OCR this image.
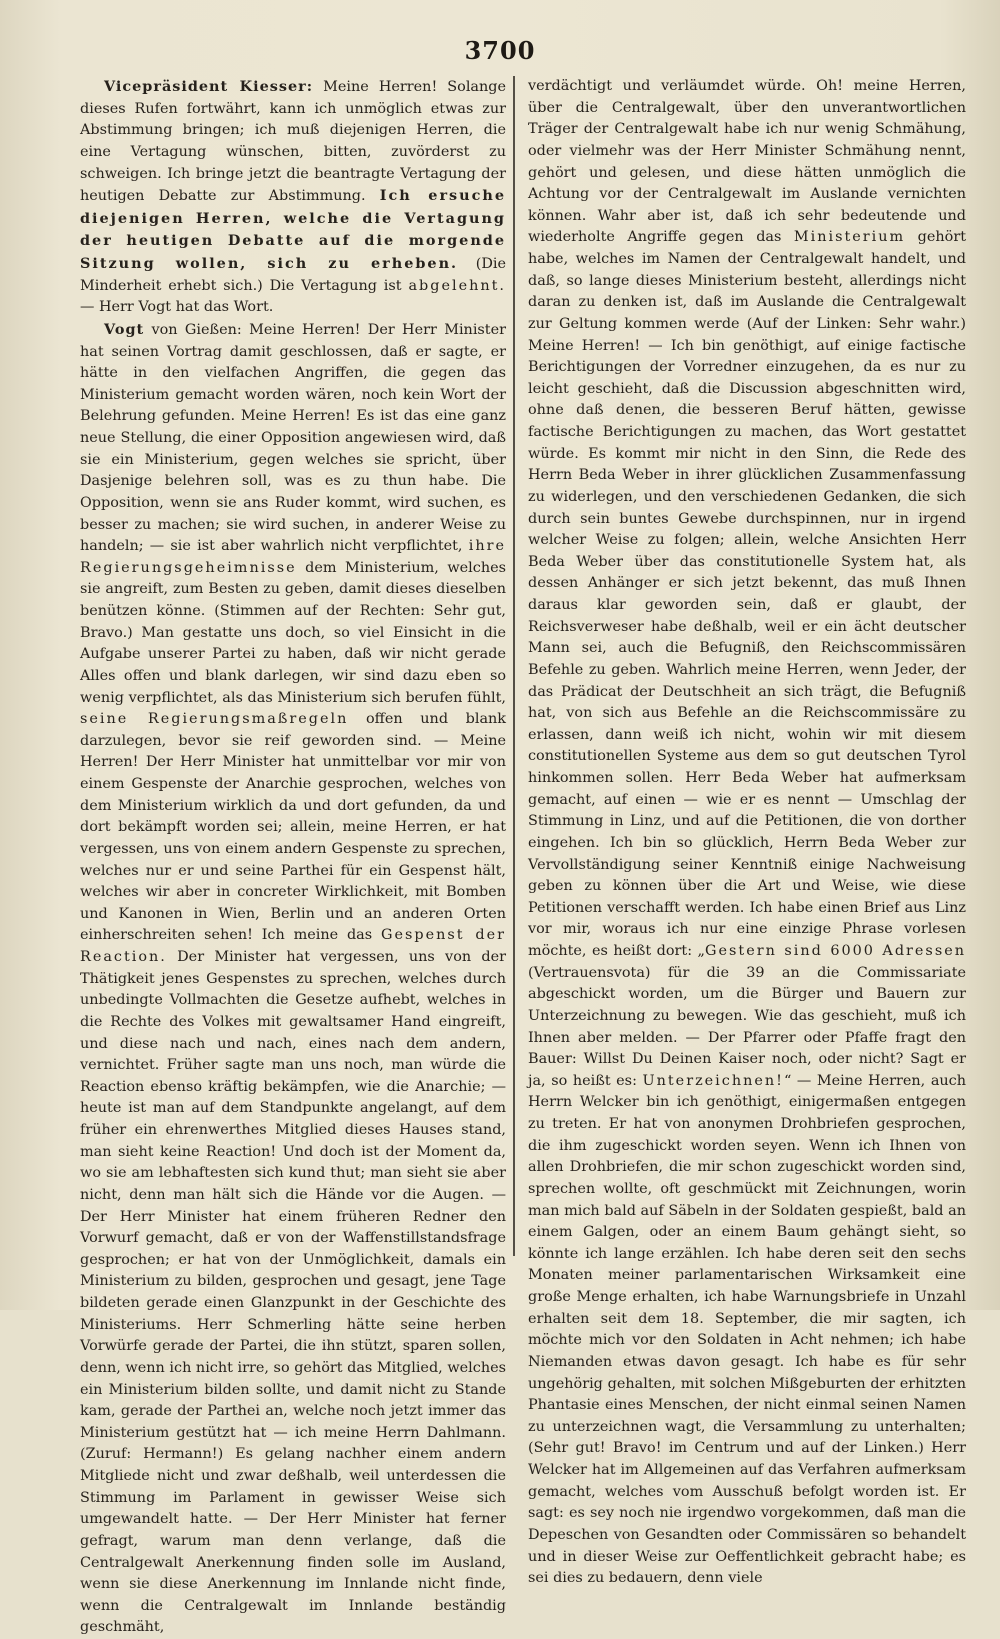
3700

Vicepräsident Kiesser: Meine Herren! Solange dieses Rufen fortwährt, kann ich unmöglich etwas zur Abstimmung bringen; ich muß diejenigen Herren, die eine Vertagung wünschen, bitten, zuvörderst zu schweigen. Ich bringe jetzt die beantragte Vertagung der heutigen Debatte zur Abstimmung. Ich ersuche diejenigen Herren, welche die Vertagung der heutigen Debatte auf die morgende Sitzung wollen, sich zu erheben. (Die Minderheit erhebt sich.) Die Vertagung ist abgelehnt. — Herr Vogt hat das Wort.

Vogt von Gießen: Meine Herren! Der Herr Minister hat seinen Vortrag damit geschlossen, daß er sagte, er hätte in den vielfachen Angriffen, die gegen das Ministerium gemacht worden wären, noch kein Wort der Belehrung gefunden. Meine Herren! Es ist das eine ganz neue Stellung, die einer Opposition angewiesen wird, daß sie ein Ministerium, gegen welches sie spricht, über Dasjenige belehren soll, was es zu thun habe. Die Opposition, wenn sie ans Ruder kommt, wird suchen, es besser zu machen; sie wird suchen, in anderer Weise zu handeln; — sie ist aber wahrlich nicht verpflichtet, ihre Regierungsgeheimnisse dem Ministerium, welches sie angreift, zum Besten zu geben, damit dieses dieselben benützen könne. (Stimmen auf der Rechten: Sehr gut, Bravo.) Man gestatte uns doch, so viel Einsicht in die Aufgabe unserer Partei zu haben, daß wir nicht gerade Alles offen und blank darlegen, wir sind dazu eben so wenig verpflichtet, als das Ministerium sich berufen fühlt, seine Regierungsmaßregeln offen und blank darzulegen, bevor sie reif geworden sind. — Meine Herren! Der Herr Minister hat unmittelbar vor mir von einem Gespenste der Anarchie gesprochen, welches von dem Ministerium wirklich da und dort gefunden, da und dort bekämpft worden sei; allein, meine Herren, er hat vergessen, uns von einem andern Gespenste zu sprechen, welches nur er und seine Parthei für ein Gespenst hält, welches wir aber in concreter Wirklichkeit, mit Bomben und Kanonen in Wien, Berlin und an anderen Orten einherschreiten sehen! Ich meine das Gespenst der Reaction. Der Minister hat vergessen, uns von der Thätigkeit jenes Gespenstes zu sprechen, welches durch unbedingte Vollmachten die Gesetze aufhebt, welches in die Rechte des Volkes mit gewaltsamer Hand eingreift, und diese nach und nach, eines nach dem andern, vernichtet. Früher sagte man uns noch, man würde die Reaction ebenso kräftig bekämpfen, wie die Anarchie; — heute ist man auf dem Standpunkte angelangt, auf dem früher ein ehrenwerthes Mitglied dieses Hauses stand, man sieht keine Reaction! Und doch ist der Moment da, wo sie am lebhaftesten sich kund thut; man sieht sie aber nicht, denn man hält sich die Hände vor die Augen. — Der Herr Minister hat einem früheren Redner den Vorwurf gemacht, daß er von der Waffenstillstandsfrage gesprochen; er hat von der Unmöglichkeit, damals ein Ministerium zu bilden, gesprochen und gesagt, jene Tage bildeten gerade einen Glanzpunkt in der Geschichte des Ministeriums. Herr Schmerling hätte seine herben Vorwürfe gerade der Partei, die ihn stützt, sparen sollen, denn, wenn ich nicht irre, so gehört das Mitglied, welches ein Ministerium bilden sollte, und damit nicht zu Stande kam, gerade der Parthei an, welche noch jetzt immer das Ministerium gestützt hat — ich meine Herrn Dahlmann. (Zuruf: Hermann!) Es gelang nachher einem andern Mitgliede nicht und zwar deßhalb, weil unterdessen die Stimmung im Parlament in gewisser Weise sich umgewandelt hatte. — Der Herr Minister hat ferner gefragt, warum man denn verlange, daß die Centralgewalt Anerkennung finden solle im Ausland, wenn sie diese Anerkennung im Innlande nicht finde, wenn die Centralgewalt im Innlande beständig geschmäht,

verdächtigt und verläumdet würde. Oh! meine Herren, über die Centralgewalt, über den unverantwortlichen Träger der Centralgewalt habe ich nur wenig Schmähung, oder vielmehr was der Herr Minister Schmähung nennt, gehört und gelesen, und diese hätten unmöglich die Achtung vor der Centralgewalt im Auslande vernichten können. Wahr aber ist, daß ich sehr bedeutende und wiederholte Angriffe gegen das Ministerium gehört habe, welches im Namen der Centralgewalt handelt, und daß, so lange dieses Ministerium besteht, allerdings nicht daran zu denken ist, daß im Auslande die Centralgewalt zur Geltung kommen werde (Auf der Linken: Sehr wahr.) Meine Herren! — Ich bin genöthigt, auf einige factische Berichtigungen der Vorredner einzugehen, da es nur zu leicht geschieht, daß die Discussion abgeschnitten wird, ohne daß denen, die besseren Beruf hätten, gewisse factische Berichtigungen zu machen, das Wort gestattet würde. Es kommt mir nicht in den Sinn, die Rede des Herrn Beda Weber in ihrer glücklichen Zusammenfassung zu widerlegen, und den verschiedenen Gedanken, die sich durch sein buntes Gewebe durchspinnen, nur in irgend welcher Weise zu folgen; allein, welche Ansichten Herr Beda Weber über das constitutionelle System hat, als dessen Anhänger er sich jetzt bekennt, das muß Ihnen daraus klar geworden sein, daß er glaubt, der Reichsverweser habe deßhalb, weil er ein ächt deutscher Mann sei, auch die Befugniß, den Reichscommissären Befehle zu geben. Wahrlich meine Herren, wenn Jeder, der das Prädicat der Deutschheit an sich trägt, die Befugniß hat, von sich aus Befehle an die Reichscommissäre zu erlassen, dann weiß ich nicht, wohin wir mit diesem constitutionellen Systeme aus dem so gut deutschen Tyrol hinkommen sollen. Herr Beda Weber hat aufmerksam gemacht, auf einen — wie er es nennt — Umschlag der Stimmung in Linz, und auf die Petitionen, die von dorther eingehen. Ich bin so glücklich, Herrn Beda Weber zur Vervollständigung seiner Kenntniß einige Nachweisung geben zu können über die Art und Weise, wie diese Petitionen verschafft werden. Ich habe einen Brief aus Linz vor mir, woraus ich nur eine einzige Phrase vorlesen möchte, es heißt dort: „Gestern sind 6000 Adressen (Vertrauensvota) für die 39 an die Commissariate abgeschickt worden, um die Bürger und Bauern zur Unterzeichnung zu bewegen. Wie das geschieht, muß ich Ihnen aber melden. — Der Pfarrer oder Pfaffe fragt den Bauer: Willst Du Deinen Kaiser noch, oder nicht? Sagt er ja, so heißt es: Unterzeichnen!“ — Meine Herren, auch Herrn Welcker bin ich genöthigt, einigermaßen entgegen zu treten. Er hat von anonymen Drohbriefen gesprochen, die ihm zugeschickt worden seyen. Wenn ich Ihnen von allen Drohbriefen, die mir schon zugeschickt worden sind, sprechen wollte, oft geschmückt mit Zeichnungen, worin man mich bald auf Säbeln in der Soldaten gespießt, bald an einem Galgen, oder an einem Baum gehängt sieht, so könnte ich lange erzählen. Ich habe deren seit den sechs Monaten meiner parlamentarischen Wirksamkeit eine große Menge erhalten, ich habe Warnungsbriefe in Unzahl erhalten seit dem 18. September, die mir sagten, ich möchte mich vor den Soldaten in Acht nehmen; ich habe Niemanden etwas davon gesagt. Ich habe es für sehr ungehörig gehalten, mit solchen Mißgeburten der erhitzten Phantasie eines Menschen, der nicht einmal seinen Namen zu unterzeichnen wagt, die Versammlung zu unterhalten; (Sehr gut! Bravo! im Centrum und auf der Linken.) Herr Welcker hat im Allgemeinen auf das Verfahren aufmerksam gemacht, welches vom Ausschuß befolgt worden ist. Er sagt: es sey noch nie irgendwo vorgekommen, daß man die Depeschen von Gesandten oder Commissären so behandelt und in dieser Weise zur Oeffentlichkeit gebracht habe; es sei dies zu bedauern, denn viele
